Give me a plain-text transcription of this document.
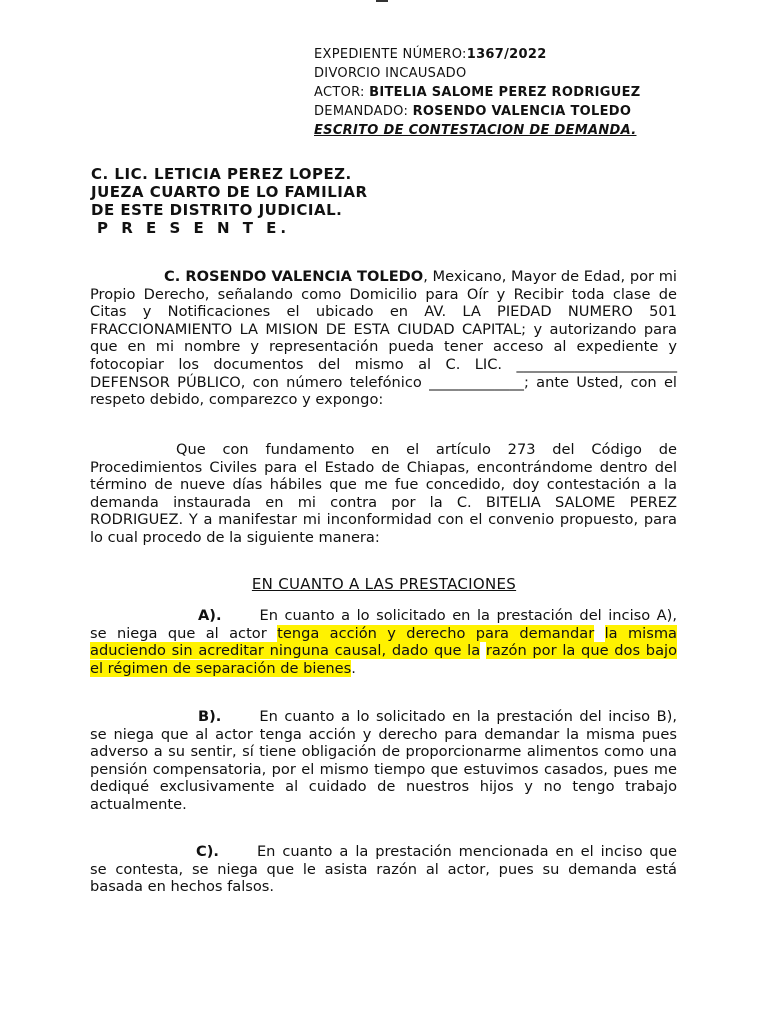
EXPEDIENTE NÚMERO:1367/2022
DIVORCIO INCAUSADO
ACTOR: BITELIA SALOME PEREZ RODRIGUEZ
DEMANDADO: ROSENDO VALENCIA TOLEDO
ESCRITO DE CONTESTACION DE DEMANDA.
C. LIC. LETICIA PEREZ LOPEZ.
JUEZA CUARTO DE LO FAMILIAR
DE ESTE DISTRITO JUDICIAL.
P R E S E N T E.
C. ROSENDO VALENCIA TOLEDO, Mexicano, Mayor de Edad, por mi Propio Derecho, señalando como Domicilio para Oír y Recibir toda clase de Citas y Notificaciones el ubicado en AV. LA PIEDAD NUMERO 501 FRACCIONAMIENTO LA MISION DE ESTA CIUDAD CAPITAL; y autorizando para que en mi nombre y representación pueda tener acceso al expediente y fotocopiar los documentos del mismo al C. LIC. ______________________ DEFENSOR PÚBLICO, con número telefónico _____________; ante Usted, con el respeto debido, comparezco y expongo:
Que con fundamento en el artículo 273 del Código de Procedimientos Civiles para el Estado de Chiapas, encontrándome dentro del término de nueve días hábiles que me fue concedido, doy contestación a la demanda instaurada en mi contra por la C. BITELIA SALOME PEREZ RODRIGUEZ. Y a manifestar mi inconformidad con el convenio propuesto, para lo cual procedo de la siguiente manera:
EN CUANTO A LAS PRESTACIONES
A).	En cuanto a lo solicitado en la prestación del inciso A), se niega que al actor tenga acción y derecho para demandar la misma aduciendo sin acreditar ninguna causal, dado que la razón por la que dos bajo el régimen de separación de bienes.
B).	En cuanto a lo solicitado en la prestación del inciso B), se niega que al actor tenga acción y derecho para demandar la misma pues adverso a su sentir, sí tiene obligación de proporcionarme alimentos como una pensión compensatoria, por el mismo tiempo que estuvimos casados, pues me dediqué exclusivamente al cuidado de nuestros hijos y no tengo trabajo actualmente.
C).	En cuanto a la prestación mencionada en el inciso que se contesta, se niega que le asista razón al actor, pues su demanda está basada en hechos falsos.
